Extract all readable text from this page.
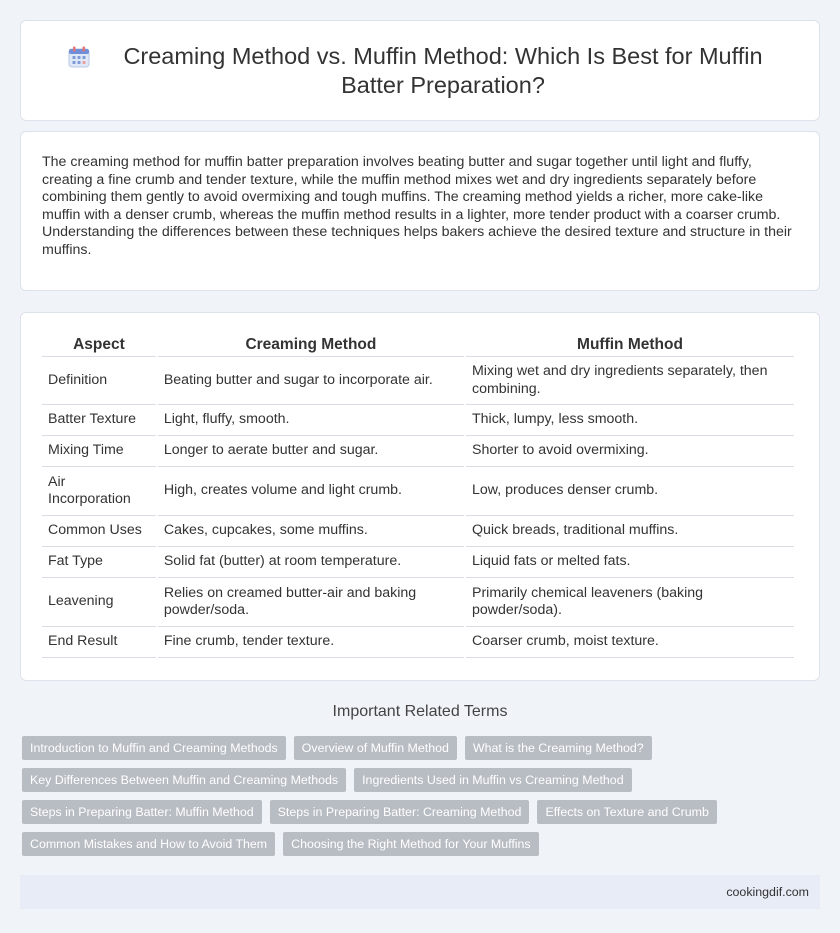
Creaming Method vs. Muffin Method: Which Is Best for Muffin Batter Preparation?

The creaming method for muffin batter preparation involves beating butter and sugar together until light and fluffy, creating a fine crumb and tender texture, while the muffin method mixes wet and dry ingredients separately before combining them gently to avoid overmixing and tough muffins. The creaming method yields a richer, more cake-like muffin with a denser crumb, whereas the muffin method results in a lighter, more tender product with a coarser crumb. Understanding the differences between these techniques helps bakers achieve the desired texture and structure in their muffins.

Aspect	Creaming Method	Muffin Method
Definition	Beating butter and sugar to incorporate air.	Mixing wet and dry ingredients separately, then combining.
Batter Texture	Light, fluffy, smooth.	Thick, lumpy, less smooth.
Mixing Time	Longer to aerate butter and sugar.	Shorter to avoid overmixing.
Air Incorporation	High, creates volume and light crumb.	Low, produces denser crumb.
Common Uses	Cakes, cupcakes, some muffins.	Quick breads, traditional muffins.
Fat Type	Solid fat (butter) at room temperature.	Liquid fats or melted fats.
Leavening	Relies on creamed butter-air and baking powder/soda.	Primarily chemical leaveners (baking powder/soda).
End Result	Fine crumb, tender texture.	Coarser crumb, moist texture.
Important Related Terms
Introduction to Muffin and Creaming Methods	Overview of Muffin Method	What is the Creaming Method?
Key Differences Between Muffin and Creaming Methods	Ingredients Used in Muffin vs Creaming Method
Steps in Preparing Batter: Muffin Method	Steps in Preparing Batter: Creaming Method	Effects on Texture and Crumb
Common Mistakes and How to Avoid Them	Choosing the Right Method for Your Muffins
cookingdif.com
